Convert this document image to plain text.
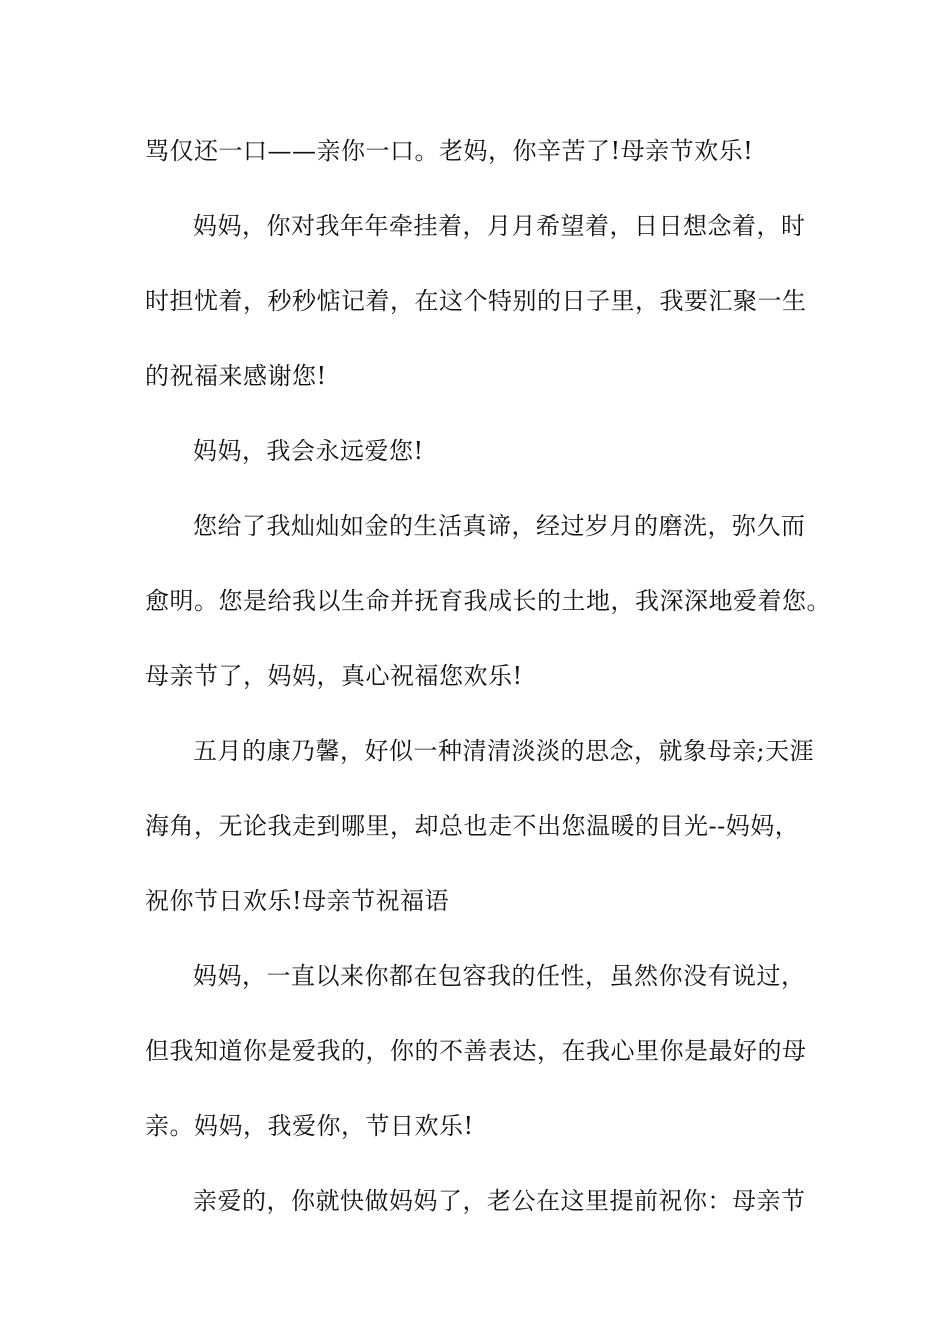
骂仅还一口——亲你一口。老妈，你辛苦了!母亲节欢乐!
妈妈，你对我年年牵挂着，月月希望着，日日想念着，时
时担忧着，秒秒惦记着，在这个特别的日子里，我要汇聚一生
的祝福来感谢您!
妈妈，我会永远爱您!
您给了我灿灿如金的生活真谛，经过岁月的磨洗，弥久而
愈明。您是给我以生命并抚育我成长的土地，我深深地爱着您。
母亲节了，妈妈，真心祝福您欢乐!
五月的康乃馨，好似一种清清淡淡的思念，就象母亲;天涯
海角，无论我走到哪里，却总也走不出您温暖的目光--妈妈，
祝你节日欢乐!母亲节祝福语
妈妈，一直以来你都在包容我的任性，虽然你没有说过，
但我知道你是爱我的，你的不善表达，在我心里你是最好的母
亲。妈妈，我爱你，节日欢乐!
亲爱的，你就快做妈妈了，老公在这里提前祝你：母亲节
